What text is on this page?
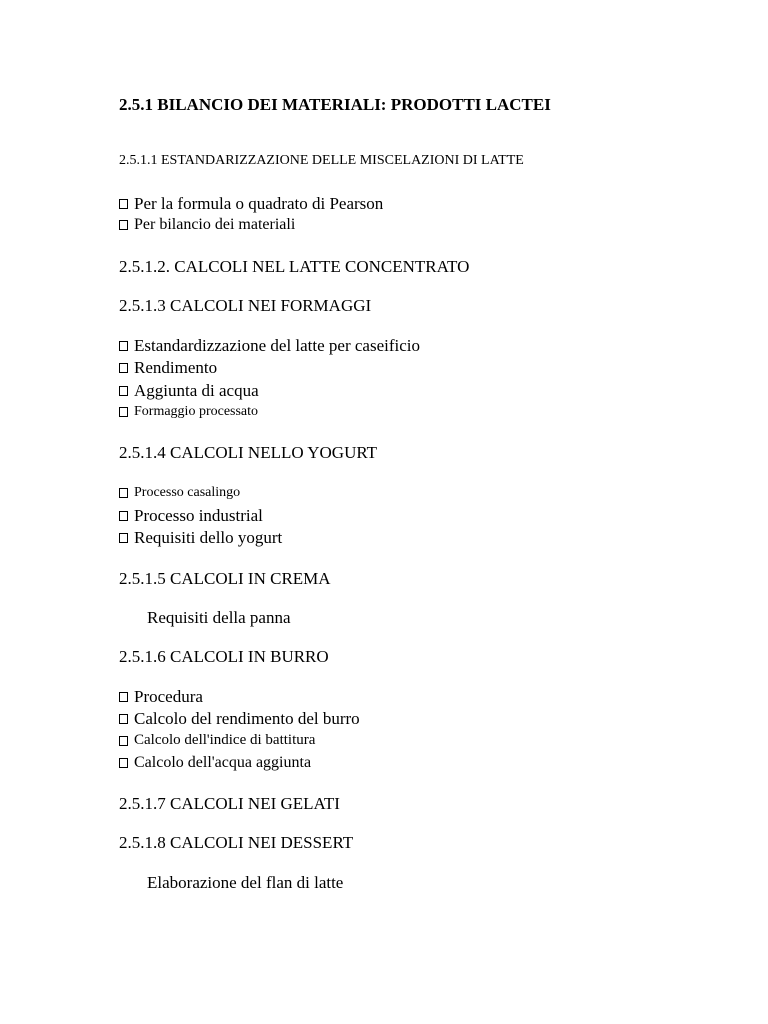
2.5.1 BILANCIO DEI MATERIALI: PRODOTTI LACTEI
2.5.1.1 ESTANDARIZZAZIONE DELLE MISCELAZIONI DI LATTE
Per la formula o quadrato di Pearson
Per bilancio dei materiali
2.5.1.2. CALCOLI NEL LATTE CONCENTRATO
2.5.1.3 CALCOLI NEI FORMAGGI
Estandardizzazione del latte per caseificio
Rendimento
Aggiunta di acqua
Formaggio processato
2.5.1.4 CALCOLI NELLO YOGURT
Processo casalingo
Processo industrial
Requisiti dello yogurt
2.5.1.5 CALCOLI IN CREMA
Requisiti della panna
2.5.1.6 CALCOLI IN BURRO
Procedura
Calcolo del rendimento del burro
Calcolo dell'indice di battitura
Calcolo dell'acqua aggiunta
2.5.1.7 CALCOLI NEI GELATI
2.5.1.8 CALCOLI NEI DESSERT
Elaborazione del flan di latte
